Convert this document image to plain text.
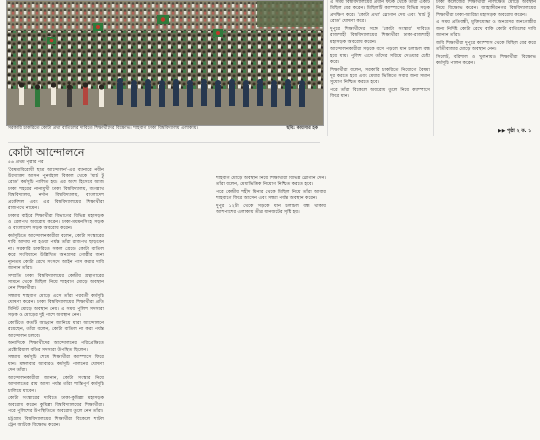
সরকারি চাকরিতে কোটা প্রথা বাতিলের দাবিতে শিক্ষার্থীদের বিক্ষোভ। শাহবাগ ঢাকা বিশ্ববিদ্যালয় এলাকায়।	ছবি: কায়সার হক
কোটা আন্দোলনে

৫৬ প্রথম পৃষ্ঠার পর

'বৈষম্যবিরোধী ছাত্র আন্দোলন'-এর ব্যানারে নবীন উদ্যোক্তা আসন পুনর্বহাল বিকাল থেকে 'মার্চ টু রোড' কর্মসূচি পালিত হয়। এর অংশ হিসেবে আজ ঢাকা শহরের নানামুখী ঢাকা বিশ্ববিদ্যালয়, জগন্নাথ বিশ্ববিদ্যালয়, নর্দান বিশ্ববিদ্যালয়, বাংলাদেশ প্রকৌশল এবং এর বিশ্ববিদ্যালয়ের শিক্ষার্থীরা রাজপথে নামেন।

ঢাকার বাইরে শিক্ষার্থীরা বিভাগের বিভিন্ন মহাসড়ক ও রেলপথ অবরোধ করেন। ঢাকা-ময়মনসিংহ সড়ক ও বাংলাদেশ সড়ক অবরোধ করেন।

কর্মসূচিতে আন্দোলনকারীরা বলেন, কোটা সংস্কারের দাবি আদায় না হওয়া পর্যন্ত তাঁরা রাজপথ ছাড়বেন না। সরকারি চাকরিতে সকল গ্রেডে কোটা বাতিল করে সংবিধানে উল্লিখিত অনগ্রসর গোষ্ঠীর জন্য ন্যূনতম কোটা রেখে সংসদে আইন পাস করার দাবি জানান তাঁরা।

সম্প্রতি ঢাকা বিশ্ববিদ্যালয়ের কেন্দ্রীয় গ্রন্থাগারের সামনে থেকে মিছিল নিয়ে শাহবাগ মোড়ে অবস্থান নেন শিক্ষার্থীরা।

সন্ধ্যায় শাহবাগ মোড়ে এসে তাঁরা পরবর্তী কর্মসূচি ঘোষণা করেন। ঢাকা বিশ্ববিদ্যালয়ের শিক্ষার্থীরা প্রতি মিনিট মোড়ে অবস্থান নেয়। এ সময় পুলিশ সদস্যরা সড়ক ও মোড়ের দুই পাশে অবস্থান নেন।

কোটিতে কতটি আহ্বান জানিয়ে যারা আন্দোলনে রয়েছেন, তাঁরা বলেন, কোটা বাতিল না করা পর্যন্ত আন্দোলন চলবে।

অন্যদিকে শিক্ষার্থীদের আন্দোলনের পরিপ্রেক্ষিতে প্রক্টোরিয়াল বডির সদস্যরা উপস্থিত ছিলেন।

সন্ধ্যায় কর্মসূচি শেষে শিক্ষার্থীরা ক্যাম্পাসে ফিরে যান। মঙ্গলবার আবারও কর্মসূচি পালনের ঘোষণা দেন তাঁরা।

আন্দোলনকারীরা জানান, কোটা সংস্কার নিয়ে আদালতের রায় আসা পর্যন্ত তাঁরা শান্তিপূর্ণ কর্মসূচি চালিয়ে যাবেন।

কোটা সংস্কারের দাবিতে ঢাকা-কুমিল্লা মহাসড়ক অবরোধ করেন কুমিল্লা বিশ্ববিদ্যালয়ের শিক্ষার্থীরা। পরে পুলিশের উপস্থিতিতে অবরোধ তুলে নেন তাঁরা।

চট্টগ্রাম বিশ্ববিদ্যালয়ের শিক্ষার্থীরা বিকেলে শাটল ট্রেন আটকে বিক্ষোভ করেন।

শাহবাগ মোড়ে অবস্থান নিয়ে শিক্ষার্থীরা বিভিন্ন স্লোগান দেন। তাঁরা বলেন, মেধাভিত্তিক নিয়োগ নিশ্চিত করতে হবে।

পরে কেন্দ্রীয় শহীদ মিনার থেকে মিছিল নিয়ে তাঁরা আবার শাহবাগে ফিরে আসেন এবং সন্ধ্যা পর্যন্ত অবস্থান করেন।

দুপুর ১২টা থেকে সড়কে যান চলাচল বন্ধ থাকায় আশপাশের এলাকায় তীব্র যানজটের সৃষ্টি হয়।

এ সময় বিশ্ববিদ্যালয়ের প্রধান ফটক থেকে তাঁরা একটি মিছিল বের করেন। মিছিলটি ক্যাম্পাসের বিভিন্ন সড়ক প্রদক্ষিণ করে। 'কোটা প্রথা' স্লোগান দেয় এবং 'মার্চ টু রোড' ঘোষণা করে।

দুপুরে শিক্ষার্থীদের সঙ্গে 'কোটা সংস্কার' দাবিতে রাজশাহী বিশ্ববিদ্যালয়ের শিক্ষার্থীরা ঢাকা-রাজশাহী মহাসড়ক অবরোধ করেন।

আন্দোলনকারীরা সড়কে বসে পড়লে যান চলাচল বন্ধ হয়ে যায়। পুলিশ এসে তাঁদের সরিয়ে দেওয়ার চেষ্টা করে।

শিক্ষার্থীরা বলেন, সরকারি চাকরিতে নিয়োগে বৈষম্য দূর করতে হবে এবং মেধার ভিত্তিতে সবার জন্য সমান সুযোগ নিশ্চিত করতে হবে।

পরে তাঁরা বিকেলে অবরোধ তুলে নিয়ে ক্যাম্পাসে ফিরে যান।

ঢাকা কলেজের শিক্ষার্থীরা নীলক্ষেত মোড়ে অবস্থান নিয়ে বিক্ষোভ করেন। জাহাঙ্গীরনগর বিশ্ববিদ্যালয়ের শিক্ষার্থীরা ঢাকা-আরিচা মহাসড়ক অবরোধ করেন।

এ সময় প্রতিবন্ধী, মুক্তিযোদ্ধা ও অনগ্রসর জনগোষ্ঠীর জন্য নির্দিষ্ট কোটা রেখে বাকি কোটা বাতিলের দাবি জানান তাঁরা।

জবি শিক্ষার্থীরা দুপুরে ক্যাম্পাস থেকে মিছিল বের করে তাঁতীবাজার মোড়ে অবস্থান নেন।

সিলেট, বরিশাল ও খুলনায়ও শিক্ষার্থীরা বিক্ষোভ কর্মসূচি পালন করেন।

▶▶ পৃষ্ঠা ২ ক. ১
